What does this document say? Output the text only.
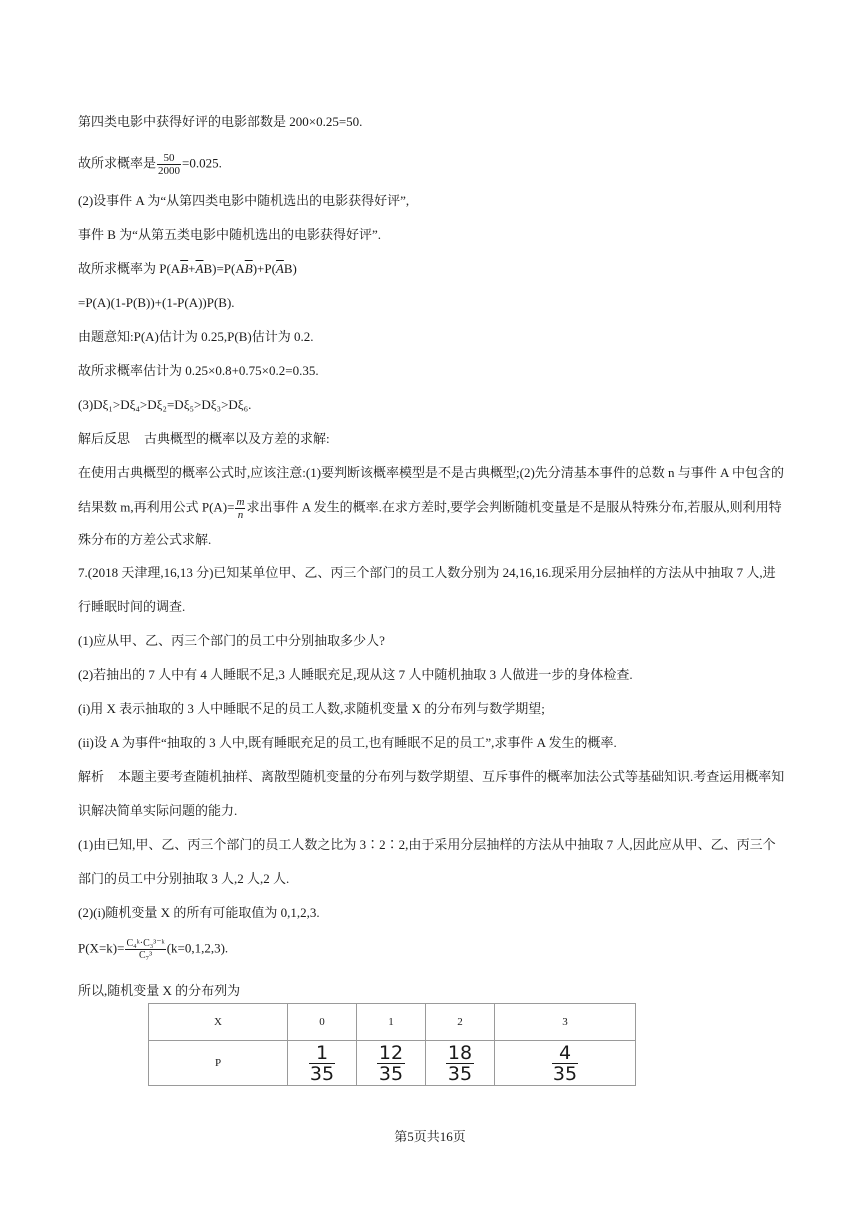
第四类电影中获得好评的电影部数是 200×0.25=50.
故所求概率是 $\frac{50}{2000} =0.025$.
(2)设事件 A 为“从第四类电影中随机选出的电影获得好评”,
事件 B 为“从第五类电影中随机选出的电影获得好评”.
故所求概率为 $P(A\overline{B}+\overline{A}B)=P(A\overline{B})+P(\overline{A}B)$
=P(A)(1-P(B))+(1-P(A))P(B).
由题意知:P(A)估计为 0.25,P(B)估计为 0.2.
故所求概率估计为 0.25×0.8+0.75×0.2=0.35.
(3)Dξ₁>Dξ₄>Dξ₂=Dξ₅>Dξ₃>Dξ₆.
解后反思 古典概型的概率以及方差的求解:
在使用古典概型的概率公式时,应该注意:(1)要判断该概率模型是不是古典概型;(2)先分清基本事件的总数 n 与事件 A 中包含的
结果数 m,再利用公式 $P(A)= \frac{m}{n}$ 求出事件 A 发生的概率.在求方差时,要学会判断随机变量是不是服从特殊分布,若服从,则利用特
殊分布的方差公式求解.
7.(2018 天津理,16,13 分)已知某单位甲、乙、丙三个部门的员工人数分别为 24,16,16.现采用分层抽样的方法从中抽取 7 人,进
行睡眠时间的调查.
(1)应从甲、乙、丙三个部门的员工中分别抽取多少人?
(2)若抽出的 7 人中有 4 人睡眠不足,3 人睡眠充足,现从这 7 人中随机抽取 3 人做进一步的身体检查.
(i)用 X 表示抽取的 3 人中睡眠不足的员工人数,求随机变量 X 的分布列与数学期望;
(ii)设 A 为事件“抽取的 3 人中,既有睡眠充足的员工,也有睡眠不足的员工”,求事件 A 发生的概率.
解析 本题主要考查随机抽样、离散型随机变量的分布列与数学期望、互斥事件的概率加法公式等基础知识.考查运用概率知
识解决简单实际问题的能力.
(1)由已知,甲、乙、丙三个部门的员工人数之比为 3∶2∶2,由于采用分层抽样的方法从中抽取 7 人,因此应从甲、乙、丙三个
部门的员工中分别抽取 3 人,2 人,2 人.
(2)(i)随机变量 X 的所有可能取值为 0,1,2,3.
$P(X=k)= \frac{\text{C₄ᵏ·C₃³⁻ᵏ}}{\text{C₇³}} (k=0,1,2,3)$.
所以,随机变量 X 的分布列为
X	0	1	2	3
P	$\frac{1}{35}$	$\frac{12}{35}$	$\frac{18}{35}$	$\frac{4}{35}$
第5页共16页
